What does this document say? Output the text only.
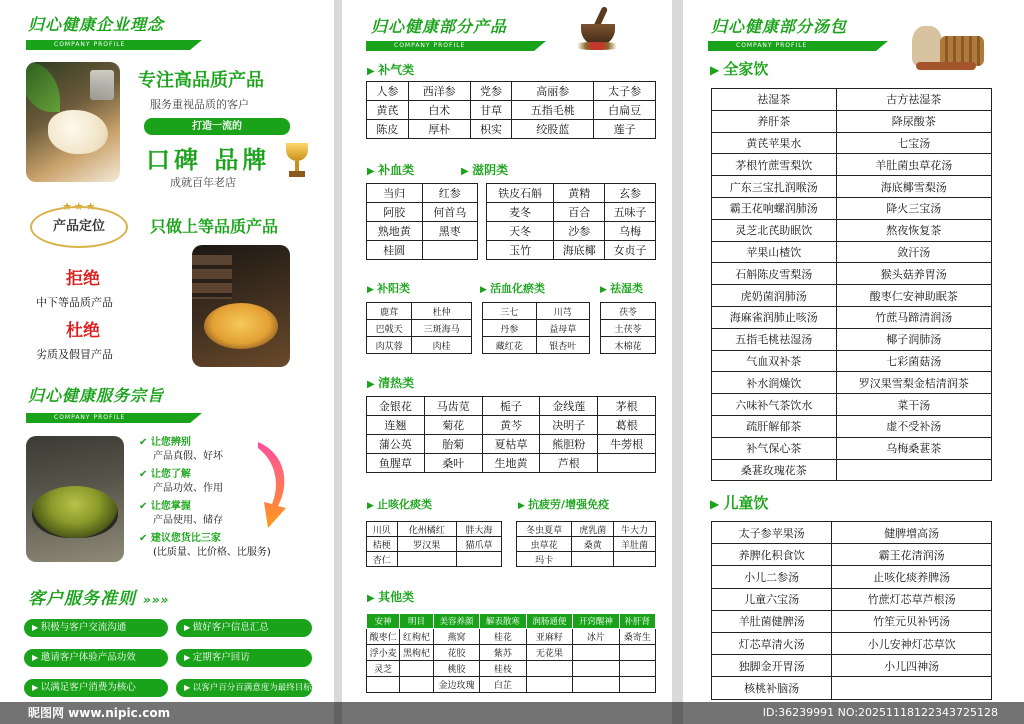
归心健康企业理念
COMPANY PROFILE
专注高品质产品
服务重视品质的客户
打造一流的
口碑 品牌
成就百年老店
★★★
产品定位	只做上等品质产品
拒绝
中下等品质产品
杜绝
劣质及假冒产品
归心健康服务宗旨
COMPANY PROFILE
✔ 让您辨别
产品真假、好坏
✔ 让您了解
产品功效、作用
✔ 让您掌握
产品使用、储存
✔ 建议您货比三家
(比质量、比价格、比服务)
客户服务准则 »»»
▶ 积极与客户交流沟通	▶ 做好客户信息汇总
▶ 邀请客户体验产品功效	▶ 定期客户回访
▶ 以满足客户消费为核心	▶ 以客户百分百满意度为最终目标
归心健康部分产品
COMPANY PROFILE
▶ 补气类
人参	西洋参	党参	高丽参	太子参
黄芪	白术	甘草	五指毛桃	白扁豆
陈皮	厚朴	枳实	绞股蓝	莲子
▶ 补血类	▶ 滋阴类
当归	红参
阿胶	何首乌
熟地黄	黑枣
桂圆	
铁皮石斛	黄精	玄参
麦冬	百合	五味子
天冬	沙参	乌梅
玉竹	海底椰	女贞子
▶ 补阳类	▶ 活血化瘀类	▶ 祛湿类
鹿茸	杜仲
巴戟天	三斑海马
肉苁蓉	肉桂
三七	川芎
丹参	益母草
藏红花	银杏叶
茯苓
土茯苓
木棉花
▶ 清热类
金银花	马齿苋	栀子	金线莲	茅根
连翘	菊花	黄芩	决明子	葛根
蒲公英	胎菊	夏枯草	熊胆粉	牛蒡根
鱼腥草	桑叶	生地黄	芦根	
▶ 止咳化痰类	▶ 抗疲劳/增强免疫
川贝	化州橘红	胖大海
桔梗	罗汉果	猫爪草
杏仁		
冬虫夏草	虎乳菌	牛大力
虫草花	桑黄	羊肚菌
玛卡		
▶ 其他类
安神	明目	美容养颜	解表散寒	润肠通便	开窍醒神	补肝肾
酸枣仁	红枸杞	燕窝	桂花	亚麻籽	冰片	桑寄生
浮小麦	黑枸杞	花胶	紫苏	无花果		
灵芝		桃胶	桂枝			
		金边玫瑰	白芷			
归心健康部分汤包
COMPANY PROFILE
▶ 全家饮
祛湿茶	古方祛湿茶
养肝茶	降尿酸茶
黄芪苹果水	七宝汤
茅根竹蔗雪梨饮	羊肚菌虫草花汤
广东三宝扎润喉汤	海底椰雪梨汤
霸王花响螺润肺汤	降火三宝汤
灵芝北芪助眠饮	熬夜恢复茶
苹果山楂饮	敛汗汤
石斛陈皮雪梨汤	猴头菇养胃汤
虎奶菌润肺汤	酸枣仁安神助眠茶
海麻雀润肺止咳汤	竹蔗马蹄清润汤
五指毛桃祛湿汤	椰子润肺汤
气血双补茶	七彩菌菇汤
补水润燥饮	罗汉果雪梨金桔清润茶
六味补气茶饮水	菜干汤
疏肝解郁茶	虚不受补汤
补气保心茶	乌梅桑葚茶
桑葚玫瑰花茶	
▶ 儿童饮
太子参苹果汤	健脾增高汤
养脾化积食饮	霸王花清润汤
小儿二参汤	止咳化痰养脾汤
儿童六宝汤	竹蔗灯芯草芦根汤
羊肚菌健脾汤	竹笙元贝补钙汤
灯芯草清火汤	小儿安神灯芯草饮
独脚金开胃汤	小儿四神汤
核桃补脑汤	
昵图网 www.nipic.com	ID:36239991 NO:20251118122343725128
